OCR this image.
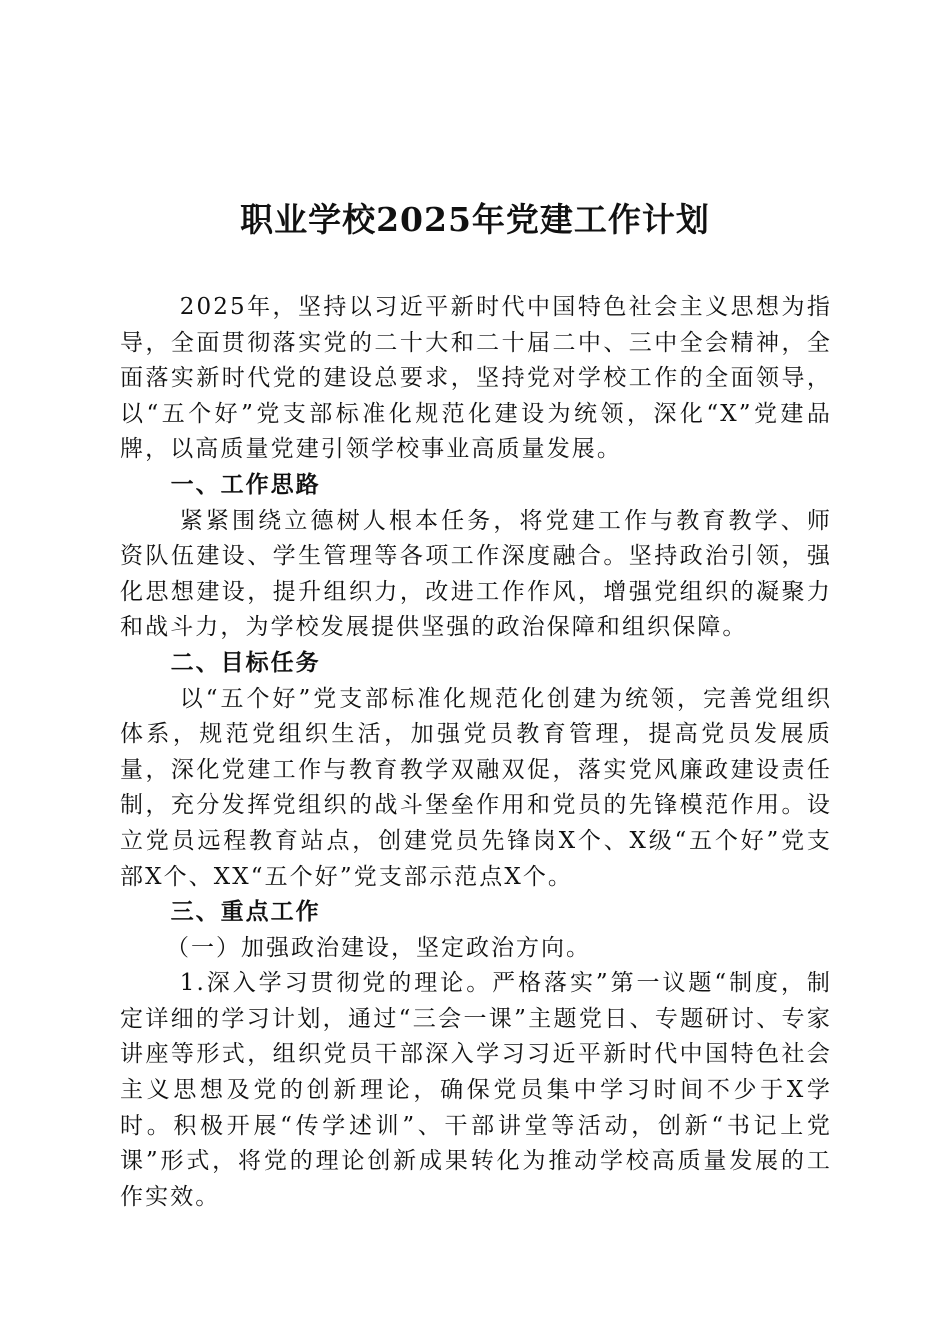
职业学校2025年党建工作计划

2025年，坚持以习近平新时代中国特色社会主义思想为指导，全面贯彻落实党的二十大和二十届二中、三中全会精神，全面落实新时代党的建设总要求，坚持党对学校工作的全面领导，以“五个好”党支部标准化规范化建设为统领，深化“X”党建品牌，以高质量党建引领学校事业高质量发展。

一、工作思路

紧紧围绕立德树人根本任务，将党建工作与教育教学、师资队伍建设、学生管理等各项工作深度融合。坚持政治引领，强化思想建设，提升组织力，改进工作作风，增强党组织的凝聚力和战斗力，为学校发展提供坚强的政治保障和组织保障。

二、目标任务

以“五个好”党支部标准化规范化创建为统领，完善党组织体系，规范党组织生活，加强党员教育管理，提高党员发展质量，深化党建工作与教育教学双融双促，落实党风廉政建设责任制，充分发挥党组织的战斗堡垒作用和党员的先锋模范作用。设立党员远程教育站点，创建党员先锋岗X个、X级“五个好”党支部X个、XX“五个好”党支部示范点X个。

三、重点工作
（一）加强政治建设，坚定政治方向。

1.深入学习贯彻党的理论。严格落实”第一议题“制度，制定详细的学习计划，通过“三会一课”主题党日、专题研讨、专家讲座等形式，组织党员干部深入学习习近平新时代中国特色社会主义思想及党的创新理论，确保党员集中学习时间不少于X学时。积极开展“传学述训”、干部讲堂等活动，创新“书记上党课”形式，将党的理论创新成果转化为推动学校高质量发展的工作实效。
